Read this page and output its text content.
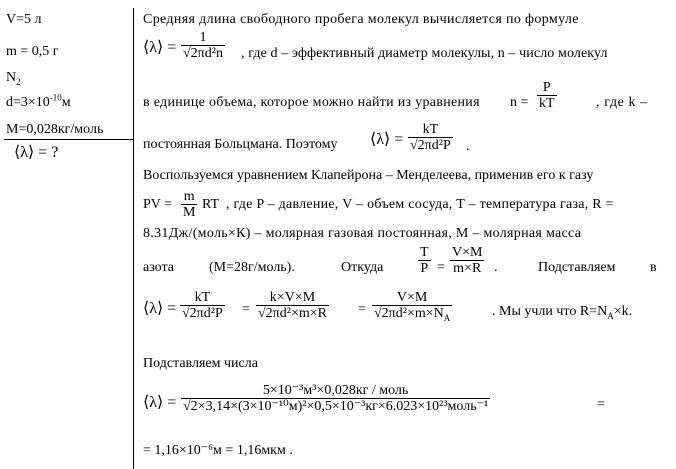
V=5 л
m = 0,5 г
$N_2$
$d=3\times 10^{-10}м$
M=0,028кг/моль
⟨λ⟩ = ?
Средняя длина свободного пробега молекул вычисляется по формуле
⟨λ⟩ =
1
√2πd²n , где d – эффективный диаметр молекулы, n – число молекул
в единице объема, которое можно найти из уравнения n =
P
kT	, где k –
постоянная Больцмана. Поэтому ⟨λ⟩ =
kT
√2πd²P .
Воспользуемся уравнением Клапейрона – Менделеева, применив его к газу
PV =
m
M
RT , где P – давление, V – объем сосуда, T – температура газа, R =
8.31Дж/(моль×К) – молярная газовая постоянная, M – молярная масса
азота	(M=28г/моль).	Откуда
T
P =
V×M
m×R .	Подставляем в
⟨λ⟩ =
kT
√2πd²P =
k×V×M
√2πd²×m×R =
V×M
$√2\pi d^2\times m\times N_A$	. Мы учли что $R=N_A\times k$.
Подставляем числа
⟨λ⟩ =
5×10⁻³м³×0,028кг / моль
√2×3,14×(3×10⁻¹⁰м)²×0,5×10⁻³кг×6.023×10²³моль⁻¹	=
= 1,16×10⁻⁶м = 1,16мкм .
